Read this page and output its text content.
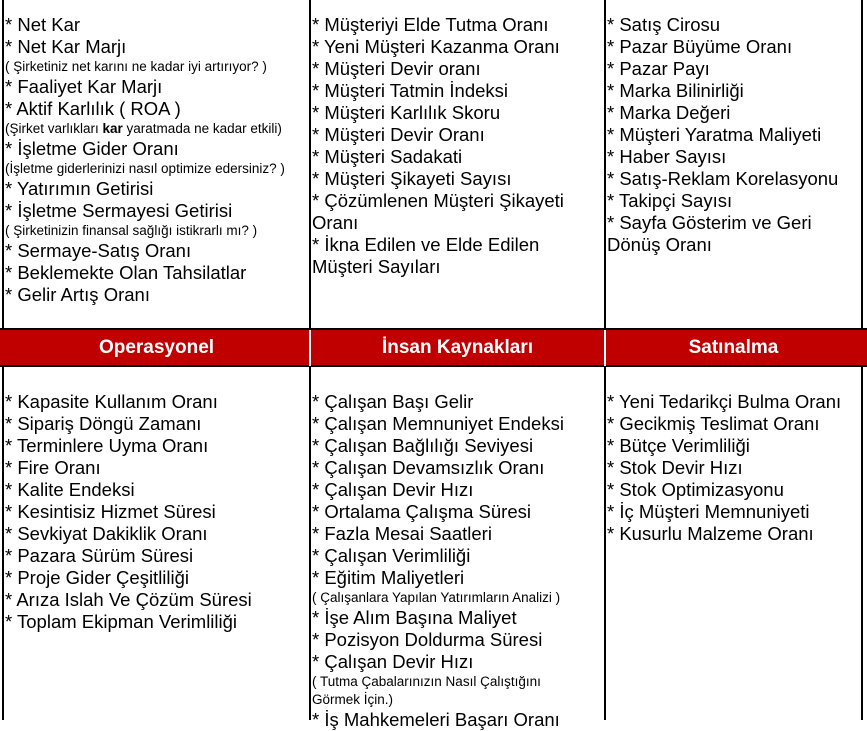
Operasyonel	İnsan Kaynakları	Satınalma
* Net Kar
* Net Kar Marjı
( Şirketiniz net karını ne kadar iyi artırıyor? )
* Faaliyet Kar Marjı
* Aktif Karlılık ( ROA )
(Şirket varlıkları kar yaratmada ne kadar etkili)
* İşletme Gider Oranı
(İşletme giderlerinizi nasıl optimize edersiniz? )
* Yatırımın Getirisi
* İşletme Sermayesi Getirisi
( Şirketinizin finansal sağlığı istikrarlı mı? )
* Sermaye-Satış Oranı
* Beklemekte Olan Tahsilatlar
* Gelir Artış Oranı
* Müşteriyi Elde Tutma Oranı
* Yeni Müşteri Kazanma Oranı
* Müşteri Devir oranı
* Müşteri Tatmin İndeksi
* Müşteri Karlılık Skoru
* Müşteri Devir Oranı
* Müşteri Sadakati
* Müşteri Şikayeti Sayısı
* Çözümlenen Müşteri Şikayeti
Oranı
* İkna Edilen ve Elde Edilen
Müşteri Sayıları
* Satış Cirosu
* Pazar Büyüme Oranı
* Pazar Payı
* Marka Bilinirliği
* Marka Değeri
* Müşteri Yaratma Maliyeti
* Haber Sayısı
* Satış-Reklam Korelasyonu
* Takipçi Sayısı
* Sayfa Gösterim ve Geri
Dönüş Oranı
* Kapasite Kullanım Oranı
* Sipariş Döngü Zamanı
* Terminlere Uyma Oranı
* Fire Oranı
* Kalite Endeksi
* Kesintisiz Hizmet Süresi
* Sevkiyat Dakiklik Oranı
* Pazara Sürüm Süresi
* Proje Gider Çeşitliliği
* Arıza Islah Ve Çözüm Süresi
* Toplam Ekipman Verimliliği
* Çalışan Başı Gelir
* Çalışan Memnuniyet Endeksi
* Çalışan Bağlılığı Seviyesi
* Çalışan Devamsızlık Oranı
* Çalışan Devir Hızı
* Ortalama Çalışma Süresi
* Fazla Mesai Saatleri
* Çalışan Verimliliği
* Eğitim Maliyetleri
( Çalışanlara Yapılan Yatırımların Analizi )
* İşe Alım Başına Maliyet
* Pozisyon Doldurma Süresi
* Çalışan Devir Hızı
( Tutma Çabalarınızın Nasıl Çalıştığını
Görmek İçin.)
* İş Mahkemeleri Başarı Oranı
* Yeni Tedarikçi Bulma Oranı
* Gecikmiş Teslimat Oranı
* Bütçe Verimliliği
* Stok Devir Hızı
* Stok Optimizasyonu
* İç Müşteri Memnuniyeti
* Kusurlu Malzeme Oranı
